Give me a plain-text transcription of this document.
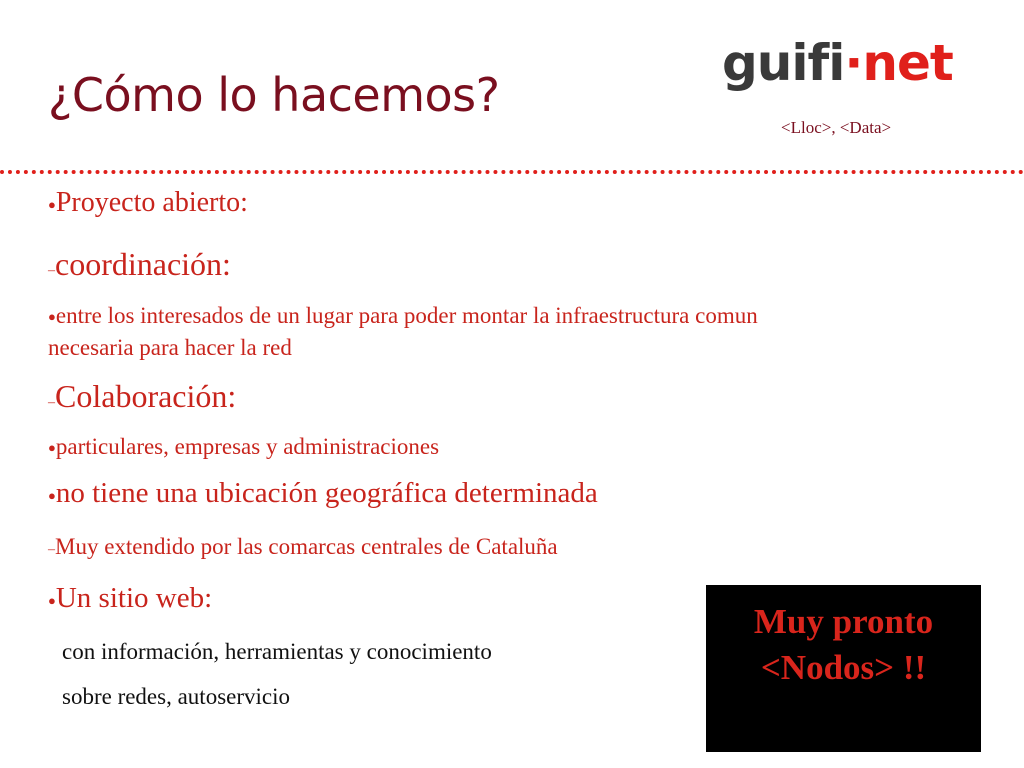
¿Cómo lo hacemos?
guifi·net
<Lloc>, <Data>
●Proyecto abierto:
–coordinación:
●entre los interesados de un lugar para poder montar la infraestructura comun
necesaria para hacer la red
–Colaboración:
●particulares, empresas y administraciones
●no tiene una ubicación geográfica determinada
–Muy extendido por las comarcas centrales de Cataluña
●Un sitio web:
con información, herramientas y conocimiento
sobre redes, autoservicio
Muy pronto
<Nodos> !!
